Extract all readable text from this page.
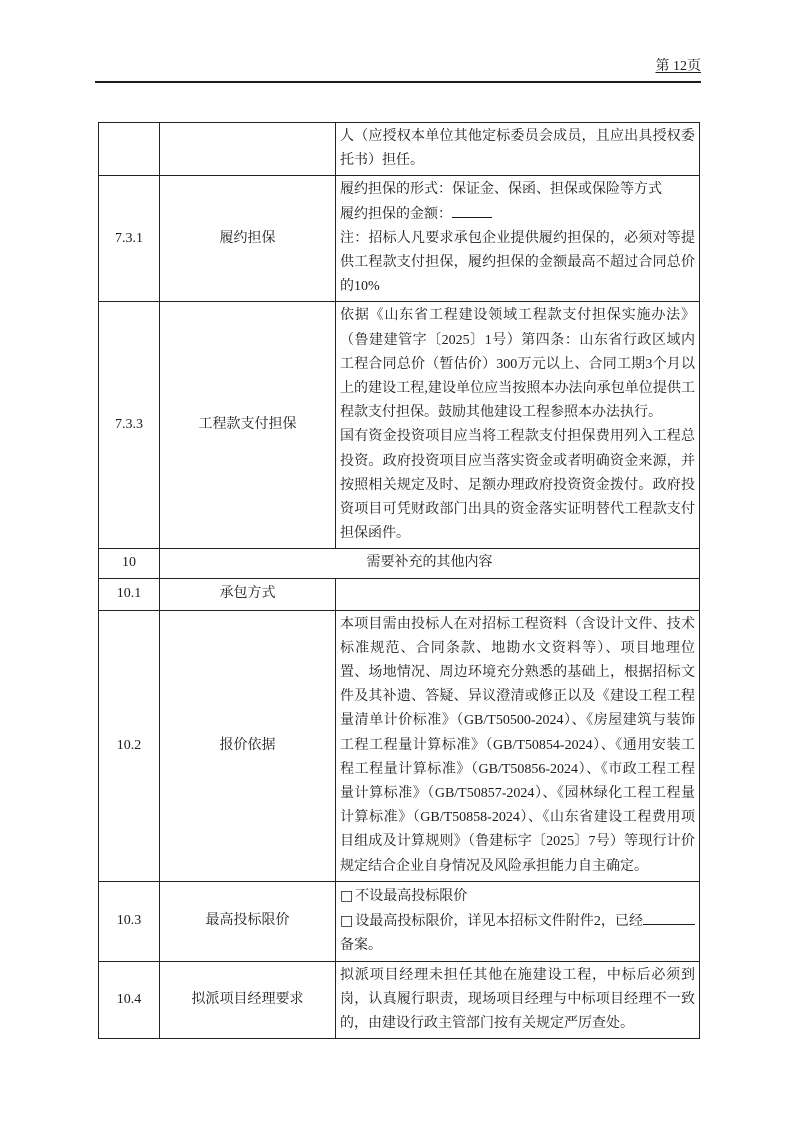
第 12页

		人（应授权本单位其他定标委员会成员，且应出具授权委托书）担任。

7.3.1	履约担保	履约担保的形式：保证金、保函、担保或保险等方式

履约担保的金额：

注：招标人凡要求承包企业提供履约担保的，必须对等提供工程款支付担保，履约担保的金额最高不超过合同总价的10%

7.3.3	工程款支付担保	依据《山东省工程建设领域工程款支付担保实施办法》（鲁建建管字〔2025〕1号）第四条：山东省行政区域内工程合同总价（暂估价）300万元以上、合同工期3个月以上的建设工程,建设单位应当按照本办法向承包单位提供工程款支付担保。鼓励其他建设工程参照本办法执行。

国有资金投资项目应当将工程款支付担保费用列入工程总投资。政府投资项目应当落实资金或者明确资金来源，并按照相关规定及时、足额办理政府投资资金拨付。政府投资项目可凭财政部门出具的资金落实证明替代工程款支付担保函件。

10	需要补充的其他内容	
10.1	承包方式	
10.2	报价依据	本项目需由投标人在对招标工程资料（含设计文件、技术标准规范、合同条款、地勘水文资料等）、项目地理位置、场地情况、周边环境充分熟悉的基础上，根据招标文件及其补遗、答疑、异议澄清或修正以及《建设工程工程量清单计价标准》（GB/T50500-2024）、《房屋建筑与装饰工程工程量计算标准》（GB/T50854-2024）、《通用安装工程工程量计算标准》（GB/T50856-2024）、《市政工程工程量计算标准》（GB/T50857-2024）、《园林绿化工程工程量计算标准》（GB/T50858-2024）、《山东省建设工程费用项目组成及计算规则》（鲁建标字〔2025〕7号）等现行计价规定结合企业自身情况及风险承担能力自主确定。

10.3	最高投标限价	□ 不设最高投标限价

□ 设最高投标限价，详见本招标文件附件2，已经备案。

10.4	拟派项目经理要求	拟派项目经理未担任其他在施建设工程，中标后必须到岗，认真履行职责，现场项目经理与中标项目经理不一致的，由建设行政主管部门按有关规定严厉查处。
